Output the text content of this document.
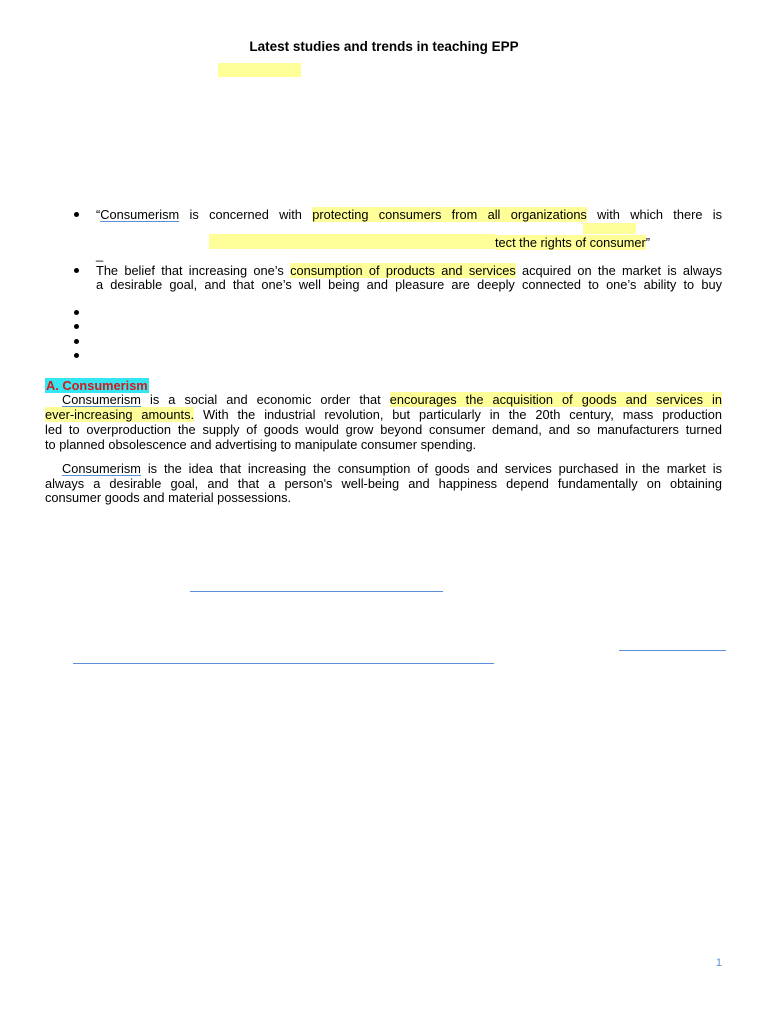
Latest studies and trends in teaching EPP
“Consumerism is concerned with protecting consumers from all organizations with which there is
tect the rights of consumer”
_
The belief that increasing one’s consumption of products and services acquired on the market is always
a desirable goal, and that one’s well being and pleasure are deeply connected to one’s ability to buy
A. Consumerism
Consumerism is a social and economic order that encourages the acquisition of goods and services in
ever-increasing amounts. With the industrial revolution, but particularly in the 20th century, mass production
led to overproduction the supply of goods would grow beyond consumer demand, and so manufacturers turned
to planned obsolescence and advertising to manipulate consumer spending.
Consumerism is the idea that increasing the consumption of goods and services purchased in the market is
always a desirable goal, and that a person's well-being and happiness depend fundamentally on obtaining
consumer goods and material possessions.
1
